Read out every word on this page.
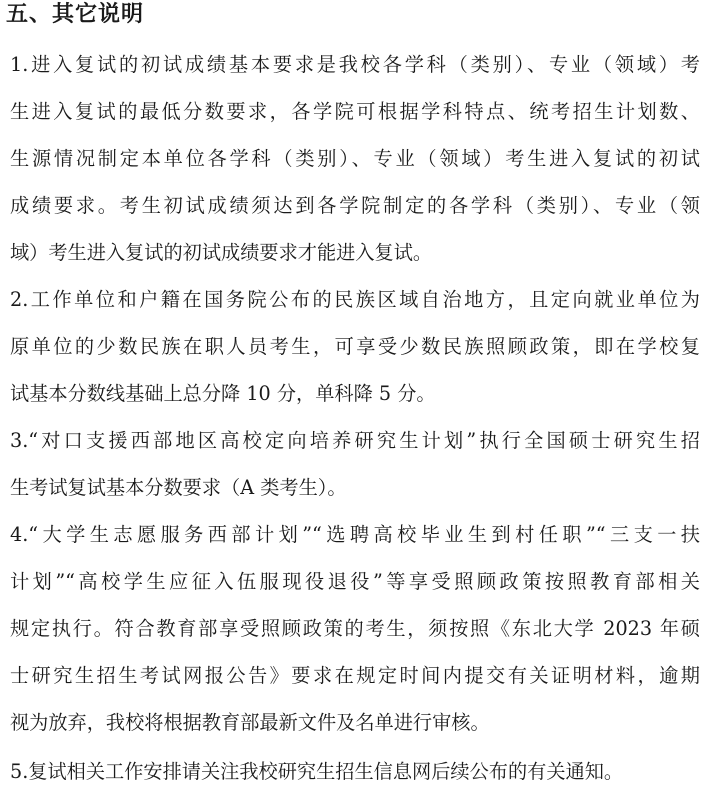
五、其它说明
1.进入复试的初试成绩基本要求是我校各学科（类别）、专业（领域）考
生进入复试的最低分数要求，各学院可根据学科特点、统考招生计划数、
生源情况制定本单位各学科（类别）、专业（领域）考生进入复试的初试
成绩要求。考生初试成绩须达到各学院制定的各学科（类别）、专业（领
域）考生进入复试的初试成绩要求才能进入复试。
2.工作单位和户籍在国务院公布的民族区域自治地方，且定向就业单位为
原单位的少数民族在职人员考生，可享受少数民族照顾政策，即在学校复
试基本分数线基础上总分降 10 分，单科降 5 分。
3.“对口支援西部地区高校定向培养研究生计划”执行全国硕士研究生招
生考试复试基本分数要求（A 类考生）。
4.“大学生志愿服务西部计划”“选聘高校毕业生到村任职”“三支一扶
计划”“高校学生应征入伍服现役退役”等享受照顾政策按照教育部相关
规定执行。符合教育部享受照顾政策的考生，须按照《东北大学 2023 年硕
士研究生招生考试网报公告》要求在规定时间内提交有关证明材料，逾期
视为放弃，我校将根据教育部最新文件及名单进行审核。
5.复试相关工作安排请关注我校研究生招生信息网后续公布的有关通知。
